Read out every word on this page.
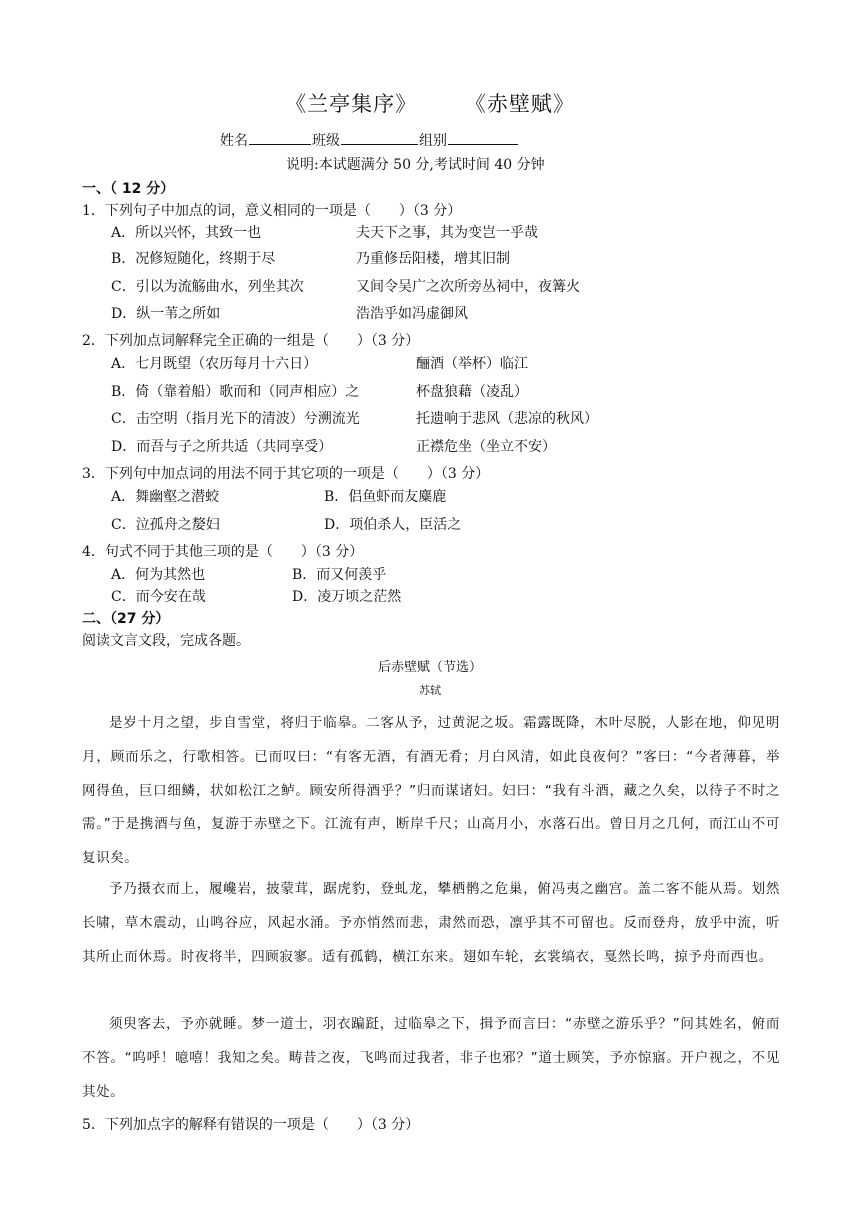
《兰亭集序》 《赤壁赋》
姓名	班级	组别
说明:本试题满分 50 分,考试时间 40 分钟
一、（ 12 分）
1．下列句子中加点的词，意义相同的一项是（　　）（3 分）
A．所以兴怀，其致一也	夫天下之事，其为变岂一乎哉
B．况修短随化，终期于尽	乃重修岳阳楼，增其旧制
C．引以为流觞曲水，列坐其次	又间令吴广之次所旁丛祠中，夜篝火
D．纵一苇之所如	浩浩乎如冯虚御风
2．下列加点词解释完全正确的一组是（　　）（3 分）
A．七月既望（农历每月十六日）	酾酒（举杯）临江
B．倚（靠着船）歌而和（同声相应）之	杯盘狼藉（凌乱）
C．击空明（指月光下的清波）兮溯流光	托遗响于悲风（悲凉的秋风）
D．而吾与子之所共适（共同享受）	正襟危坐（坐立不安）
3．下列句中加点词的用法不同于其它项的一项是（　　）（3 分）
A．舞幽壑之潜蛟	B．侣鱼虾而友麋鹿
C．泣孤舟之嫠妇	D．项伯杀人，臣活之
4．句式不同于其他三项的是（　　）（3 分）
A．何为其然也	B．而又何羡乎
C．而今安在哉	D．凌万顷之茫然
二、（27 分）
阅读文言文段，完成各题。
后赤壁赋（节选）
苏轼
是岁十月之望，步自雪堂，将归于临皋。二客从予，过黄泥之坂。霜露既降，木叶尽脱，人影在地，仰见明月，顾而乐之，行歌相答。已而叹曰：“有客无酒，有酒无肴；月白风清，如此良夜何？”客曰：“今者薄暮，举网得鱼，巨口细鳞，状如松江之鲈。顾安所得酒乎？”归而谋诸妇。妇曰：“我有斗酒，藏之久矣，以待子不时之需。”于是携酒与鱼，复游于赤壁之下。江流有声，断岸千尺；山高月小，水落石出。曾日月之几何，而江山不可复识矣。
予乃摄衣而上，履巉岩，披蒙茸，踞虎豹，登虬龙，攀栖鹘之危巢，俯冯夷之幽宫。盖二客不能从焉。划然长啸，草木震动，山鸣谷应，风起水涌。予亦悄然而悲，肃然而恐，凛乎其不可留也。反而登舟，放乎中流，听其所止而休焉。时夜将半，四顾寂寥。适有孤鹤，横江东来。翅如车轮，玄裳缟衣，戛然长鸣，掠予舟而西也。
须臾客去，予亦就睡。梦一道士，羽衣蹁跹，过临皋之下，揖予而言曰：“赤壁之游乐乎？”问其姓名，俯而不答。“呜呼！噫嘻！我知之矣。畴昔之夜，飞鸣而过我者，非子也邪？”道士顾笑，予亦惊寤。开户视之，不见其处。
5．下列加点字的解释有错误的一项是（　　）（3 分）
